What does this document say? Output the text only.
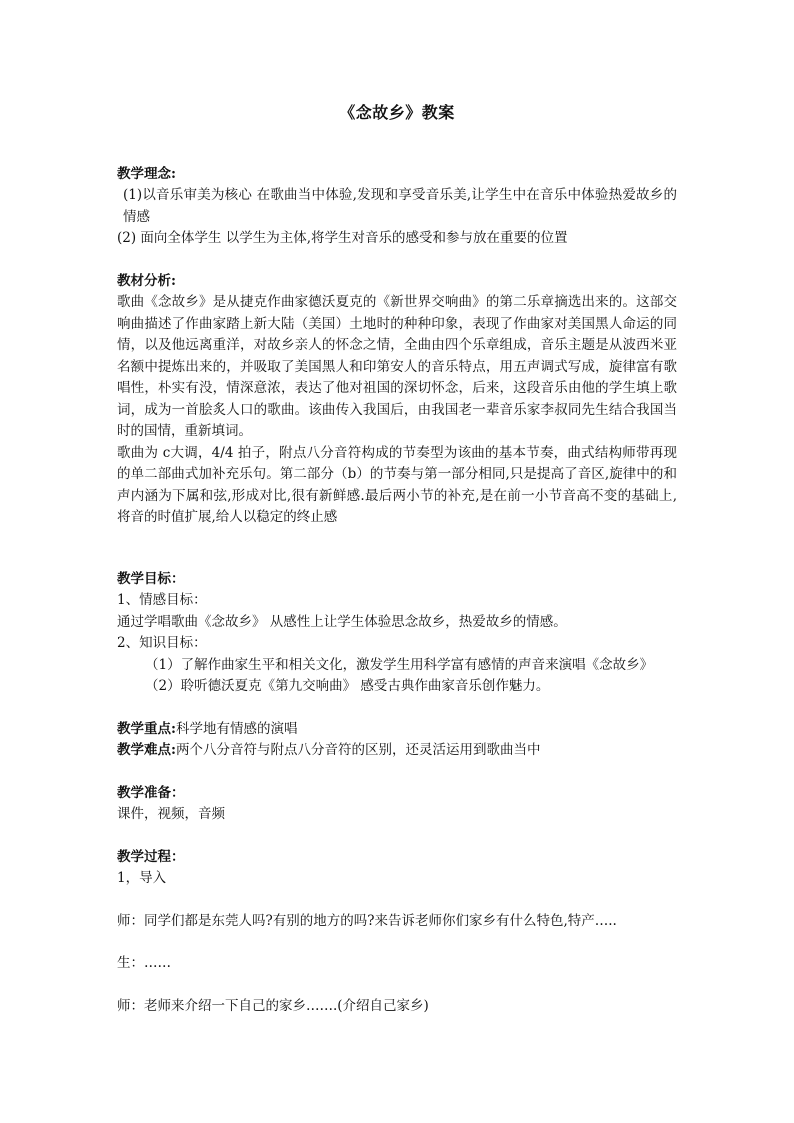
《念故乡》教案
教学理念:
(1)以音乐审美为核心 在歌曲当中体验,发现和享受音乐美,让学生中在音乐中体验热爱故乡的情感
(2) 面向全体学生 以学生为主体,将学生对音乐的感受和参与放在重要的位置
教材分析:
歌曲《念故乡》是从捷克作曲家德沃夏克的《新世界交响曲》的第二乐章摘选出来的。这部交响曲描述了作曲家踏上新大陆（美国）土地时的种种印象，表现了作曲家对美国黑人命运的同情，以及他远离重洋，对故乡亲人的怀念之情，全曲由四个乐章组成，音乐主题是从波西米亚名额中提炼出来的，并吸取了美国黑人和印第安人的音乐特点，用五声调式写成，旋律富有歌唱性，朴实有没，情深意浓，表达了他对祖国的深切怀念，后来，这段音乐由他的学生填上歌词，成为一首脍炙人口的歌曲。该曲传入我国后，由我国老一辈音乐家李叔同先生结合我国当时的国情，重新填词。
歌曲为 c大调，4/4 拍子，附点八分音符构成的节奏型为该曲的基本节奏，曲式结构师带再现的单二部曲式加补充乐句。第二部分（b）的节奏与第一部分相同,只是提高了音区,旋律中的和声内涵为下属和弦,形成对比,很有新鲜感.最后两小节的补充,是在前一小节音高不变的基础上,将音的时值扩展,给人以稳定的终止感
教学目标：
1、情感目标：
通过学唱歌曲《念故乡》 从感性上让学生体验思念故乡，热爱故乡的情感。
2、知识目标：
（1）了解作曲家生平和相关文化，激发学生用科学富有感情的声音来演唱《念故乡》
（2）聆听德沃夏克《第九交响曲》 感受古典作曲家音乐创作魅力。
教学重点:科学地有情感的演唱
教学难点:两个八分音符与附点八分音符的区别，还灵活运用到歌曲当中
教学准备：
课件，视频，音频
教学过程：
1，导入
师：同学们都是东莞人吗?有别的地方的吗?来告诉老师你们家乡有什么特色,特产…..
生：……
师：老师来介绍一下自己的家乡…….(介绍自己家乡)
